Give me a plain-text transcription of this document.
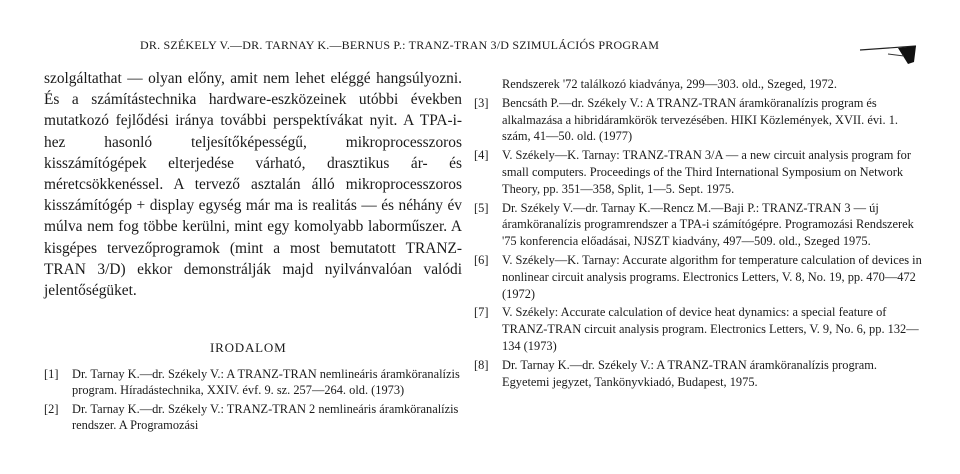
DR. SZÉKELY V.—DR. TARNAY K.—BERNUS P.: TRANZ-TRAN 3/D SZIMULÁCIÓS PROGRAM

szolgáltathat — olyan előny, amit nem lehet eléggé hangsúlyozni. És a számítástechnika hardware-eszközeinek utóbbi években mutatkozó fejlődési iránya további perspektívákat nyit. A TPA-i-hez hasonló teljesítőképességű, mikroprocesszoros kisszámítógépek elterjedése várható, drasztikus ár- és méretcsökkenéssel. A tervező asztalán álló mikroprocesszoros kisszámítógép + display egység már ma is realitás — és néhány év múlva nem fog többe kerülni, mint egy komolyabb laborműszer. A kisgépes tervezőprogramok (mint a most bemutatott TRANZ-TRAN 3/D) ekkor demonstrálják majd nyilvánvalóan valódi jelentőségüket.

IRODALOM
[1]	Dr. Tarnay K.—dr. Székely V.: A TRANZ-TRAN nemlineáris áramköranalízis program. Híradástechnika, XXIV. évf. 9. sz. 257—264. old. (1973)
[2]	Dr. Tarnay K.—dr. Székely V.: TRANZ-TRAN 2 nemlineáris áramköranalízis rendszer. A Programozási
Rendszerek '72 találkozó kiadványa, 299—303. old., Szeged, 1972.
[3]	Bencsáth P.—dr. Székely V.: A TRANZ-TRAN áramköranalízis program és alkalmazása a hibridáramkörök tervezésében. HIKI Közlemények, XVII. évi. 1. szám, 41—50. old. (1977)
[4]	V. Székely—K. Tarnay: TRANZ-TRAN 3/A — a new circuit analysis program for small computers. Proceedings of the Third International Symposium on Network Theory, pp. 351—358, Split, 1—5. Sept. 1975.
[5]	Dr. Székely V.—dr. Tarnay K.—Rencz M.—Baji P.: TRANZ-TRAN 3 — új áramköranalízis programrendszer a TPA-i számítógépre. Programozási Rendszerek '75 konferencia előadásai, NJSZT kiadvány, 497—509. old., Szeged 1975.
[6]	V. Székely—K. Tarnay: Accurate algorithm for temperature calculation of devices in nonlinear circuit analysis programs. Electronics Letters, V. 8, No. 19, pp. 470—472 (1972)
[7]	V. Székely: Accurate calculation of device heat dynamics: a special feature of TRANZ-TRAN circuit analysis program. Electronics Letters, V. 9, No. 6, pp. 132—134 (1973)
[8]	Dr. Tarnay K.—dr. Székely V.: A TRANZ-TRAN áramköranalízis program. Egyetemi jegyzet, Tankönyvkiadó, Budapest, 1975.
